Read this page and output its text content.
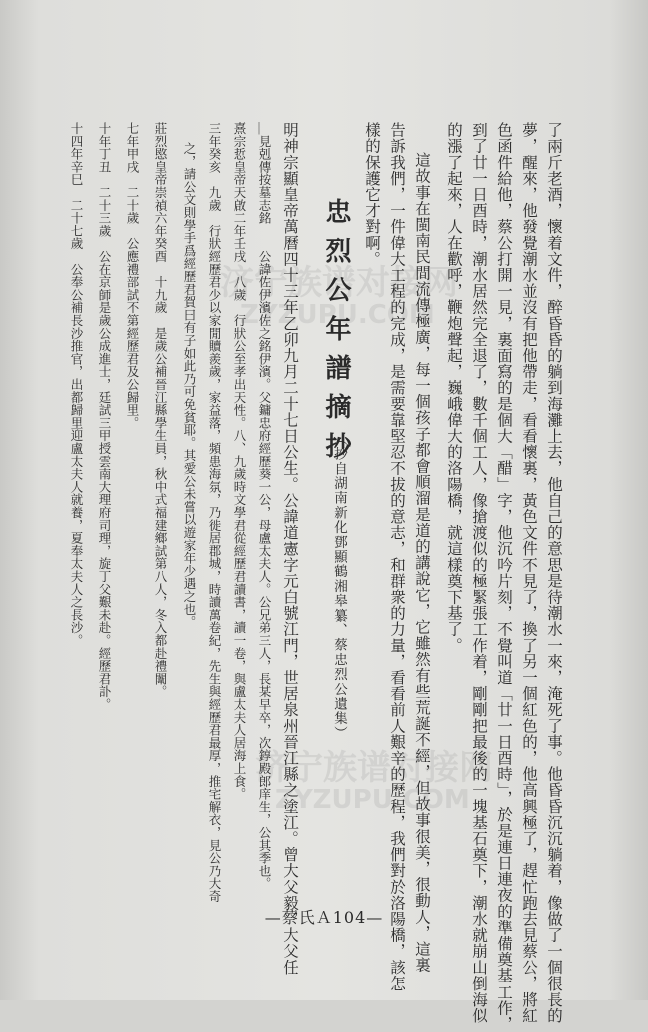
济宁族谱对接网
ZYZUPU.COM
济宁族谱对接网
ZYZUPU.COM	了兩斤老酒，懷着文件，醉昏昏的躺到海灘上去，他自己的意思是待潮水一來，淹死了事。他昏昏沉沉躺着，像做了一個很長的
夢，醒來，他發覺潮水並沒有把他帶走，看看懷裏，黃色文件不見了，換了另一個紅色的，他高興極了，趕忙跑去見蔡公，將紅
色函件給他，蔡公打開一見，裏面寫的是個大「醋」字，他沉吟片刻，不覺叫道「廿一日酉時」，於是連日連夜的準備奠基工作，
到了廿一日酉時，潮水居然完全退了，數千個工人，像搶渡似的極緊張工作着，剛剛把最後的一塊基石奠下，潮水就崩山倒海似
的漲了起來，人在歡呼，鞭炮聲起，巍峨偉大的洛陽橋，就這樣奠下基了。
這故事在閩南民間流傳極廣，每一個孩子都會順溜是道的講說它，它雖然有些荒誕不經，但故事很美，很動人，這裏
告訴我們，一件偉大工程的完成，是需要靠堅忍不拔的意志，和群衆的力量，看看前人艱辛的歷程，我們對於洛陽橋，該怎
樣的保護它才對啊。
忠烈公年譜摘抄
（抄自湖南新化鄧顯鶴湘皋纂、蔡忠烈公遺集）
明神宗顯皇帝萬曆四十三年乙卯九月二十七日公生。公諱道憲字元白號江門，世居泉州晉江縣之塗江。曾大父毅，大父任
＿見剋傳按墓志銘　　公諱佐伊濱佐之銘伊濱。父鏞忠府經歷葵一公，母盧太夫人。公兄弟三人，長某早卒，次錞殿郎庠生，公其季也。
熹宗悊皇帝天啟二年壬戌　八歲　行狀公至孝出天性。八、九歲時文學君從經歷君讀書，讀一卷，與盧太夫人居海上食。
三年癸亥　九歲　行狀經歷君少以家閒贖羨歲，家益落，頻患海氛，乃徙居郡城，時讀萬卷紀，先生與經歷君最厚，推宅解衣，見公乃大奇
之，請公文則學手爲經歷君賀曰有子如此乃可免貧耶。其愛公未嘗以遊家年少遇之也。
莊烈愍皇帝崇禎六年癸酉　十九歲　是歲公補晉江縣學生員，秋中式福建鄉試第八人，冬入都赴禮闈。
七年甲戌　二十歲　公應禮部試不第經歷君及公歸里。
十年丁丑　二十三歲　公在京師是歲公成進士，廷試三甲授雲南大理府司理，旋丁父艱未赴。經歷君訃。
十四年辛巳　二十七歲　公奉公補長沙推官，出都歸里迎盧太夫人就養，夏奉太夫人之長沙。
—蔡氏Ａ104—
